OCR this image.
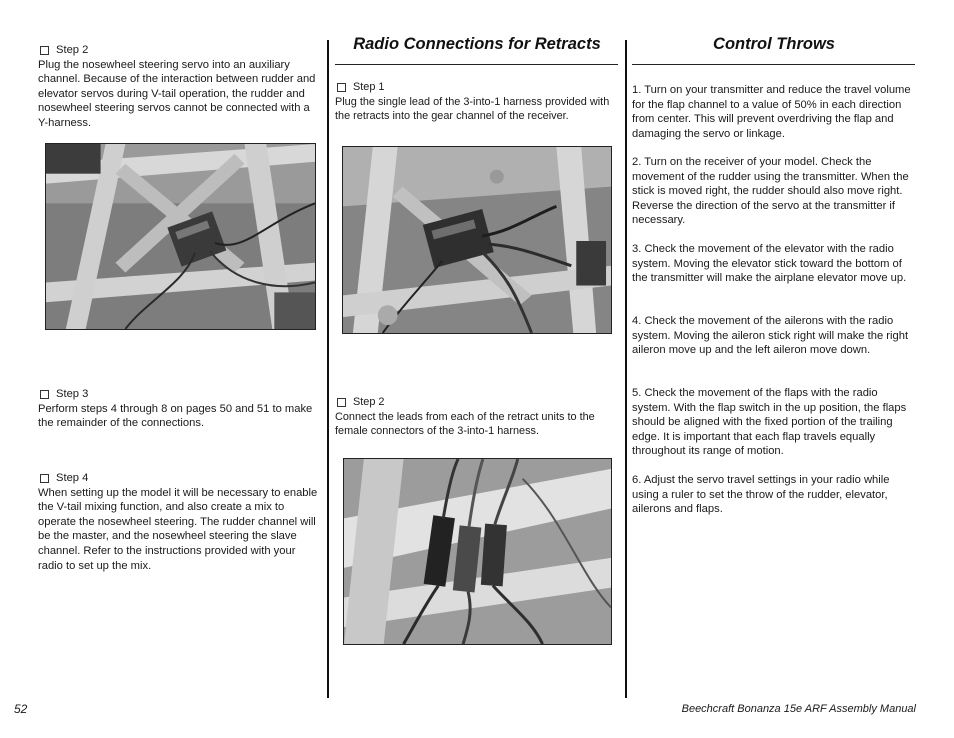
Step 2
Plug the nosewheel steering servo into an auxiliary channel. Because of the interaction between rudder and elevator servos during V-tail operation, the rudder and nosewheel steering servos cannot be connected with a Y-harness.
Step 3
Perform steps 4 through 8 on pages 50 and 51 to make the remainder of the connections.
Step 4
When setting up the model it will be necessary to enable the V-tail mixing function, and also create a mix to operate the nosewheel steering. The rudder channel will be the master, and the nosewheel steering the slave channel. Refer to the instructions provided with your radio to set up the mix.
Radio Connections for Retracts
Step 1
Plug the single lead of the 3-into-1 harness provided with the retracts into the gear channel of the receiver.
Step 2
Connect the leads from each of the retract units to the female connectors of the 3-into-1 harness.
Control Throws
1. Turn on your transmitter and reduce the travel volume for the flap channel to a value of 50% in each direction from center. This will prevent overdriving the flap and damaging the servo or linkage.
2. Turn on the receiver of your model. Check the movement of the rudder using the transmitter. When the stick is moved right, the rudder should also move right. Reverse the direction of the servo at the transmitter if necessary.
3. Check the movement of the elevator with the radio system. Moving the elevator stick toward the bottom of the transmitter will make the airplane elevator move up.
4. Check the movement of the ailerons with the radio system. Moving the aileron stick right will make the right aileron move up and the left aileron move down.
5. Check the movement of the flaps with the radio system. With the flap switch in the up position, the flaps should be aligned with the fixed portion of the trailing edge. It is important that each flap travels equally throughout its range of motion.
6. Adjust the servo travel settings in your radio while using a ruler to set the throw of the rudder, elevator, ailerons and flaps.
52	Beechcraft Bonanza 15e ARF Assembly Manual
